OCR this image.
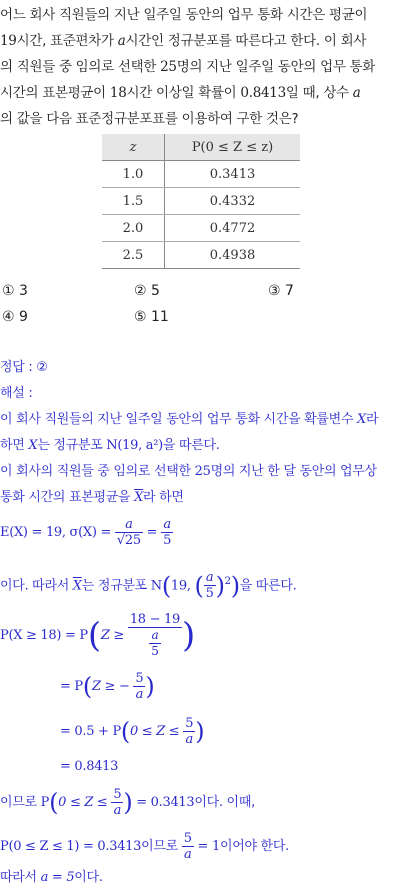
어느 회사 직원들의 지난 일주일 동안의 업무 통화 시간은 평균이
19시간, 표준편차가 a시간인 정규분포를 따른다고 한다. 이 회사
의 직원들 중 임의로 선택한 25명의 지난 일주일 동안의 업무 통화
시간의 표본평균이 18시간 이상일 확률이 0.8413일 때, 상수 a
의 값을 다음 표준정규분포표를 이용하여 구한 것은?
z	P(0 ≤ Z ≤ z)
1.0	0.3413
1.5	0.4332
2.0	0.4772
2.5	0.4938
① 3	② 5	③ 7
④ 9	⑤ 11
정답 : ②
해설 :
이 회사 직원들의 지난 일주일 동안의 업무 통화 시간을 확률변수 X라
하면 X는 정규분포 N(19, a²)을 따른다.
이 회사의 직원들 중 임의로 선택한 25명의 지난 한 달 동안의 업무상
통화 시간의 표본평균을 $\overline{X}$라 하면
E(X) = 19, $\sigma(X) = \frac{a}{√25} = \frac{a}{5}$
이다. 따라서 $\overline{X}$는 정규분포 N(19, ( $\frac{a}{5} )^2$)을 따른다.
$P(X \ge 18) = P(Z \ge \frac{18 - 19}{\frac{a}{5}}$ )
= P(Z ≥ − $\frac{5}{a}$ )
= $0.5 + P(0 \le Z \le \frac{5}{a}$ )
= 0.8413
이므로 $P(0 \le Z \le \frac{5}{a}$ ) = 0.3413이다. 이때,
P(0 ≤ Z ≤ 1) = 0.3413이므로 $\frac{5}{a} = 1$이어야 한다.
따라서 a = 5이다.
